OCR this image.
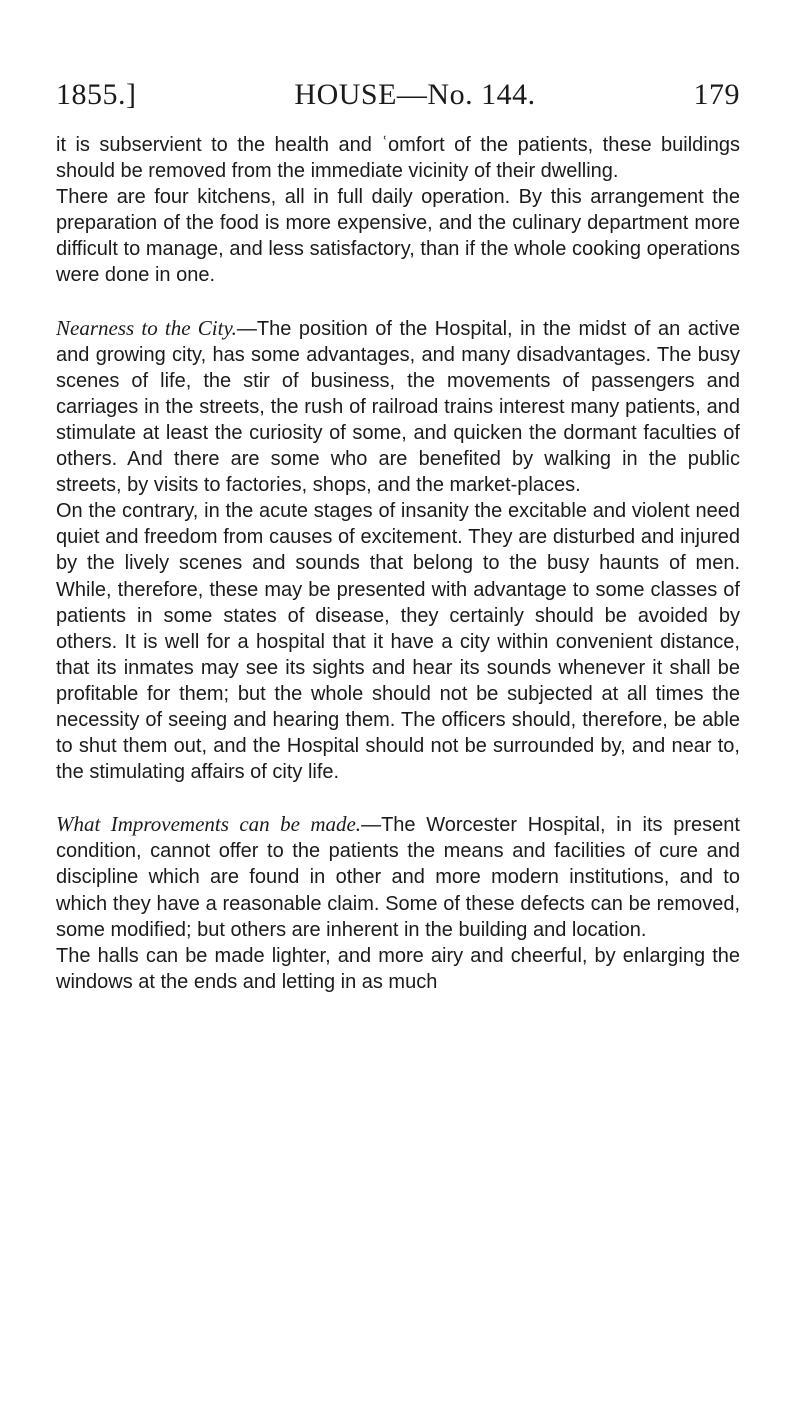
1855.]	HOUSE—No. 144.	179

it is subservient to the health and ʿomfort of the patients, these buildings should be removed from the immediate vicinity of their dwelling.

There are four kitchens, all in full daily operation. By this arrangement the preparation of the food is more expensive, and the culinary department more difficult to manage, and less satisfactory, than if the whole cooking operations were done in one.

Nearness to the City.—The position of the Hospital, in the midst of an active and growing city, has some advantages, and many disadvantages. The busy scenes of life, the stir of business, the movements of passengers and carriages in the streets, the rush of railroad trains interest many patients, and stimulate at least the curiosity of some, and quicken the dormant faculties of others. And there are some who are benefited by walking in the public streets, by visits to factories, shops, and the market-places.

On the contrary, in the acute stages of insanity the excitable and violent need quiet and freedom from causes of excitement. They are disturbed and injured by the lively scenes and sounds that belong to the busy haunts of men. While, therefore, these may be presented with advantage to some classes of patients in some states of disease, they certainly should be avoided by others. It is well for a hospital that it have a city within convenient distance, that its inmates may see its sights and hear its sounds whenever it shall be profitable for them; but the whole should not be subjected at all times the necessity of seeing and hearing them. The officers should, therefore, be able to shut them out, and the Hospital should not be surrounded by, and near to, the stimulating affairs of city life.

What Improvements can be made.—The Worcester Hospital, in its present condition, cannot offer to the patients the means and facilities of cure and discipline which are found in other and more modern institutions, and to which they have a reasonable claim. Some of these defects can be removed, some modified; but others are inherent in the building and location.

The halls can be made lighter, and more airy and cheerful, by enlarging the windows at the ends and letting in as much
